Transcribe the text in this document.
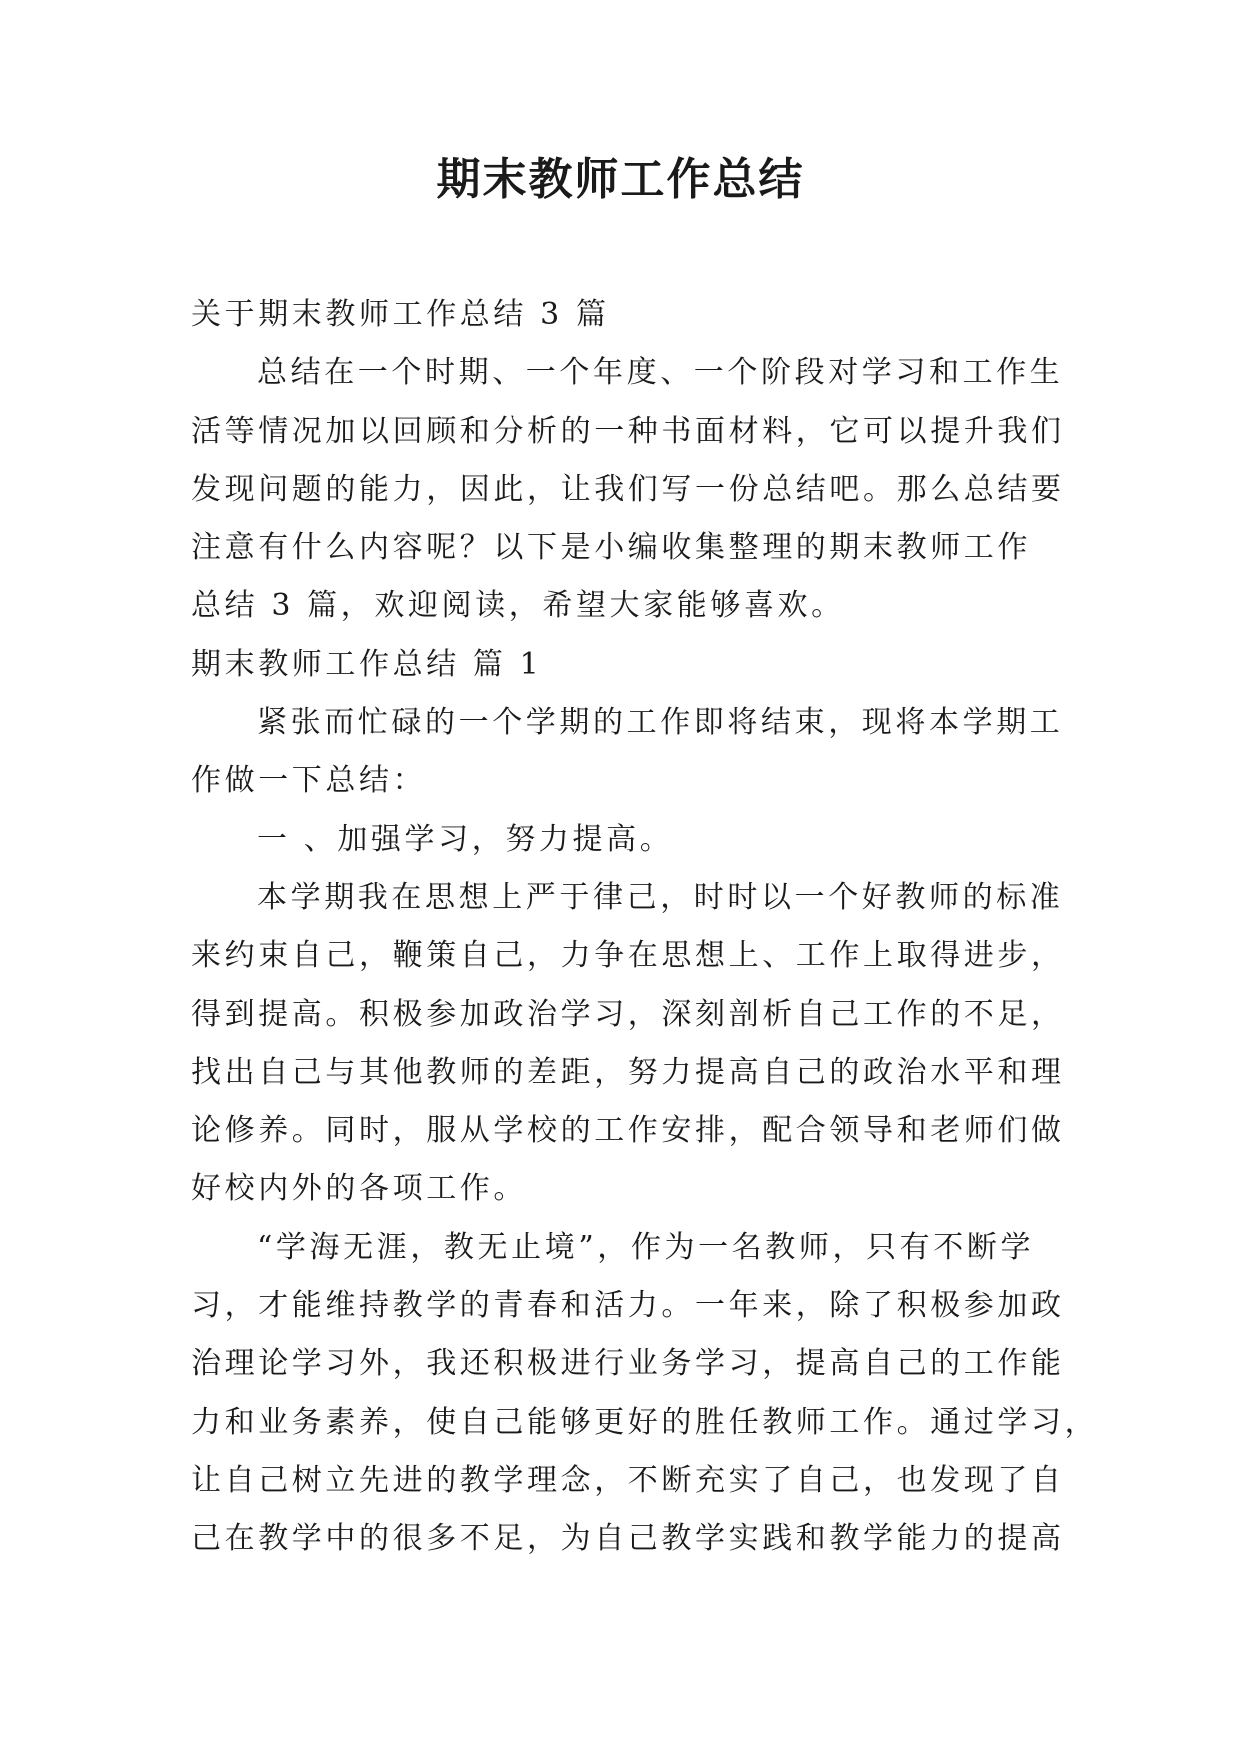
期末教师工作总结
关于期末教师工作总结 3 篇
总结在一个时期、一个年度、一个阶段对学习和工作生
活等情况加以回顾和分析的一种书面材料，它可以提升我们
发现问题的能力，因此，让我们写一份总结吧。那么总结要
注意有什么内容呢？以下是小编收集整理的期末教师工作
总结 3 篇，欢迎阅读，希望大家能够喜欢。
期末教师工作总结 篇 1
紧张而忙碌的一个学期的工作即将结束，现将本学期工
作做一下总结：
一 、加强学习，努力提高。
本学期我在思想上严于律己，时时以一个好教师的标准
来约束自己，鞭策自己，力争在思想上、工作上取得进步，
得到提高。积极参加政治学习，深刻剖析自己工作的不足，
找出自己与其他教师的差距，努力提高自己的政治水平和理
论修养。同时，服从学校的工作安排，配合领导和老师们做
好校内外的各项工作。
“学海无涯，教无止境”，作为一名教师，只有不断学
习，才能维持教学的青春和活力。一年来，除了积极参加政
治理论学习外，我还积极进行业务学习，提高自己的工作能
力和业务素养，使自己能够更好的胜任教师工作。通过学习，
让自己树立先进的教学理念，不断充实了自己，也发现了自
己在教学中的很多不足，为自己教学实践和教学能力的提高
